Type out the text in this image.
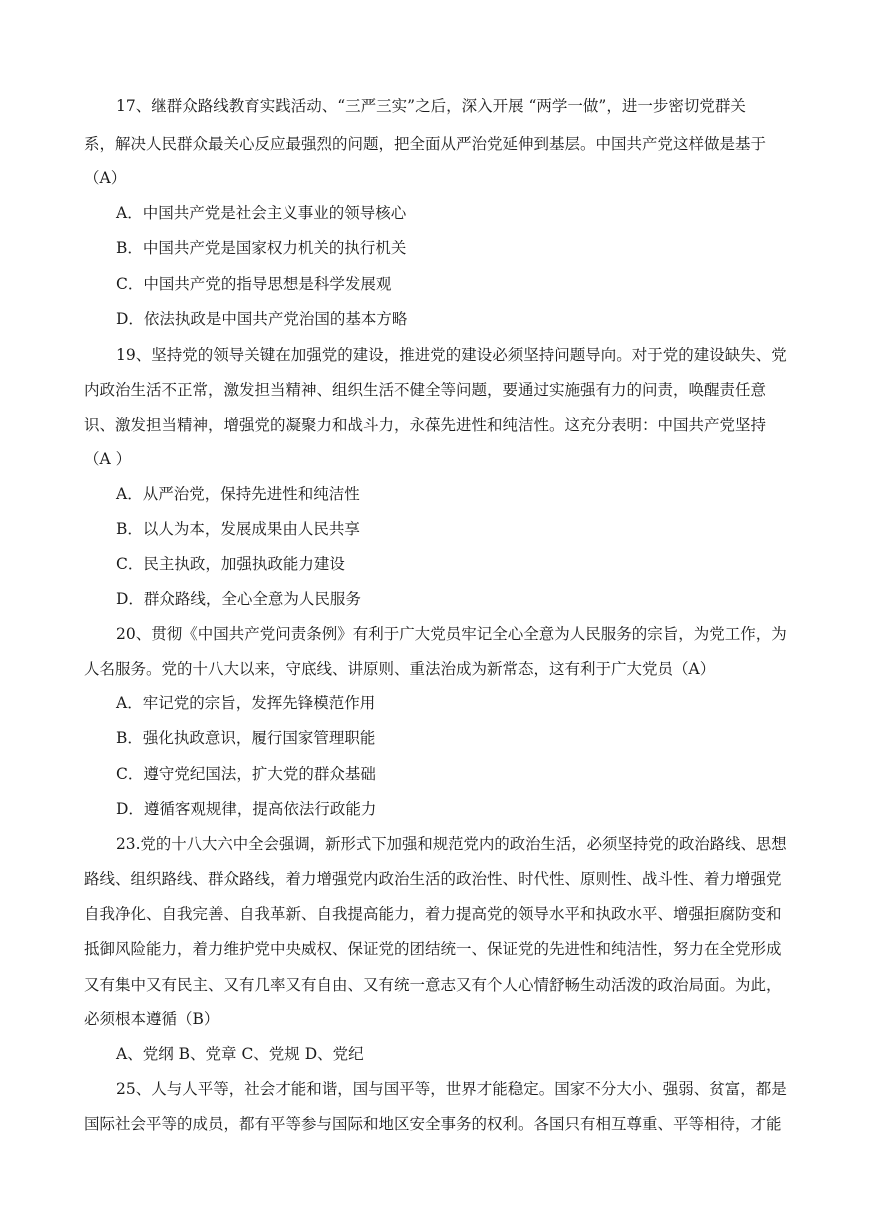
17、继群众路线教育实践活动、“三严三实”之后，深入开展 “两学一做”，进一步密切党群关
系，解决人民群众最关心反应最强烈的问题，把全面从严治党延伸到基层。中国共产党这样做是基于
（A）
A．中国共产党是社会主义事业的领导核心
B．中国共产党是国家权力机关的执行机关
C．中国共产党的指导思想是科学发展观
D．依法执政是中国共产党治国的基本方略
19、坚持党的领导关键在加强党的建设，推进党的建设必须坚持问题导向。对于党的建设缺失、党
内政治生活不正常，激发担当精神、组织生活不健全等问题，要通过实施强有力的问责，唤醒责任意
识、激发担当精神，增强党的凝聚力和战斗力，永葆先进性和纯洁性。这充分表明：中国共产党坚持
（A ）
A．从严治党，保持先进性和纯洁性
B．以人为本，发展成果由人民共享
C．民主执政，加强执政能力建设
D．群众路线，全心全意为人民服务
20、贯彻《中国共产党问责条例》有利于广大党员牢记全心全意为人民服务的宗旨，为党工作，为
人名服务。党的十八大以来，守底线、讲原则、重法治成为新常态，这有利于广大党员（A）
A．牢记党的宗旨，发挥先锋模范作用
B．强化执政意识，履行国家管理职能
C．遵守党纪国法，扩大党的群众基础
D．遵循客观规律，提高依法行政能力
23.党的十八大六中全会强调，新形式下加强和规范党内的政治生活，必须坚持党的政治路线、思想
路线、组织路线、群众路线，着力增强党内政治生活的政治性、时代性、原则性、战斗性、着力增强党
自我净化、自我完善、自我革新、自我提高能力，着力提高党的领导水平和执政水平、增强拒腐防变和
抵御风险能力，着力维护党中央威权、保证党的团结统一、保证党的先进性和纯洁性，努力在全党形成
又有集中又有民主、又有几率又有自由、又有统一意志又有个人心情舒畅生动活泼的政治局面。为此，
必须根本遵循（B）
A、党纲 B、党章 C、党规 D、党纪
25、人与人平等，社会才能和谐，国与国平等，世界才能稳定。国家不分大小、强弱、贫富，都是
国际社会平等的成员，都有平等参与国际和地区安全事务的权利。各国只有相互尊重、平等相待，才能
